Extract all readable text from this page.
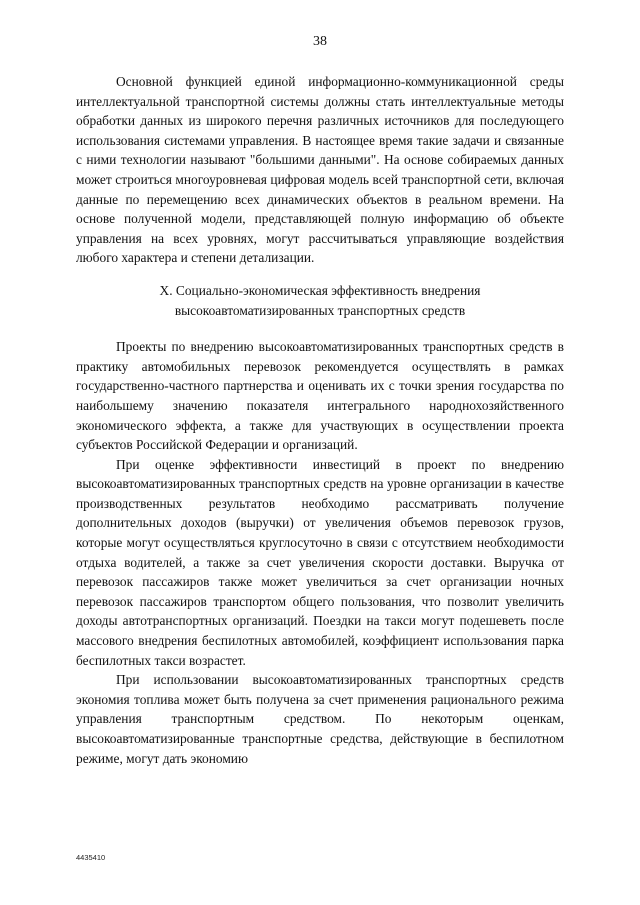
38

Основной функцией единой информационно-коммуникационной среды интеллектуальной транспортной системы должны стать интеллектуальные методы обработки данных из широкого перечня различных источников для последующего использования системами управления. В настоящее время такие задачи и связанные с ними технологии называют "большими данными". На основе собираемых данных может строиться многоуровневая цифровая модель всей транспортной сети, включая данные по перемещению всех динамических объектов в реальном времени. На основе полученной модели, представляющей полную информацию об объекте управления на всех уровнях, могут рассчитываться управляющие воздействия любого характера и степени детализации.

X. Социально-экономическая эффективность внедрения
высокоавтоматизированных транспортных средств

Проекты по внедрению высокоавтоматизированных транспортных средств в практику автомобильных перевозок рекомендуется осуществлять в рамках государственно-частного партнерства и оценивать их с точки зрения государства по наибольшему значению показателя интегрального народнохозяйственного экономического эффекта, а также для участвующих в осуществлении проекта субъектов Российской Федерации и организаций.

При оценке эффективности инвестиций в проект по внедрению высокоавтоматизированных транспортных средств на уровне организации в качестве производственных результатов необходимо рассматривать получение дополнительных доходов (выручки) от увеличения объемов перевозок грузов, которые могут осуществляться круглосуточно в связи с отсутствием необходимости отдыха водителей, а также за счет увеличения скорости доставки. Выручка от перевозок пассажиров также может увеличиться за счет организации ночных перевозок пассажиров транспортом общего пользования, что позволит увеличить доходы автотранспортных организаций. Поездки на такси могут подешеветь после массового внедрения беспилотных автомобилей, коэффициент использования парка беспилотных такси возрастет.

При использовании высокоавтоматизированных транспортных средств экономия топлива может быть получена за счет применения рационального режима управления транспортным средством. По некоторым оценкам, высокоавтоматизированные транспортные средства, действующие в беспилотном режиме, могут дать экономию

4435410
